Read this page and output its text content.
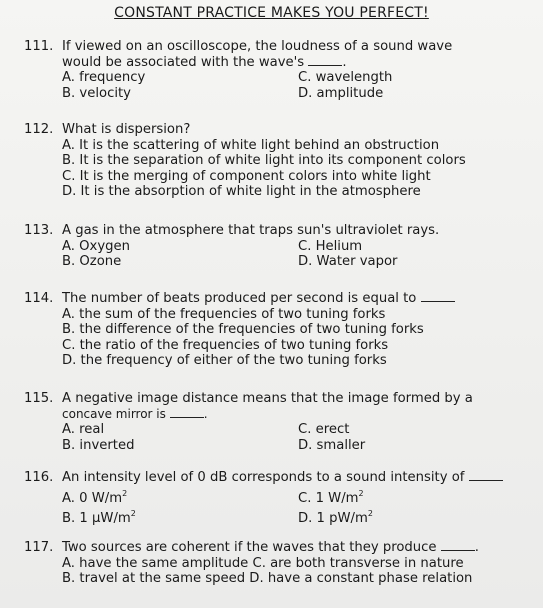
CONSTANT PRACTICE MAKES YOU PERFECT!
111. If viewed on an oscilloscope, the loudness of a sound wave
would be associated with the wave's	.
A. frequency	C. wavelength
B. velocity	D. amplitude
112. What is dispersion?
A. It is the scattering of white light behind an obstruction
B. It is the separation of white light into its component colors
C. It is the merging of component colors into white light
D. It is the absorption of white light in the atmosphere
113. A gas in the atmosphere that traps sun's ultraviolet rays.
A. Oxygen	C. Helium
B. Ozone	D. Water vapor
114. The number of beats produced per second is equal to
A. the sum of the frequencies of two tuning forks
B. the difference of the frequencies of two tuning forks
C. the ratio of the frequencies of two tuning forks
D. the frequency of either of the two tuning forks
115. A negative image distance means that the image formed by a
concave mirror is	.
A. real	C. erect
B. inverted	D. smaller
116. An intensity level of 0 dB corresponds to a sound intensity of
A. 0 $W/m^2$	C. 1 $W/m^2$
B. 1 $\mu W/m^2$	D. 1 $pW/m^2$
117. Two sources are coherent if the waves that they produce	.
A. have the same amplitude C. are both transverse in nature
B. travel at the same speed D. have a constant phase relation
